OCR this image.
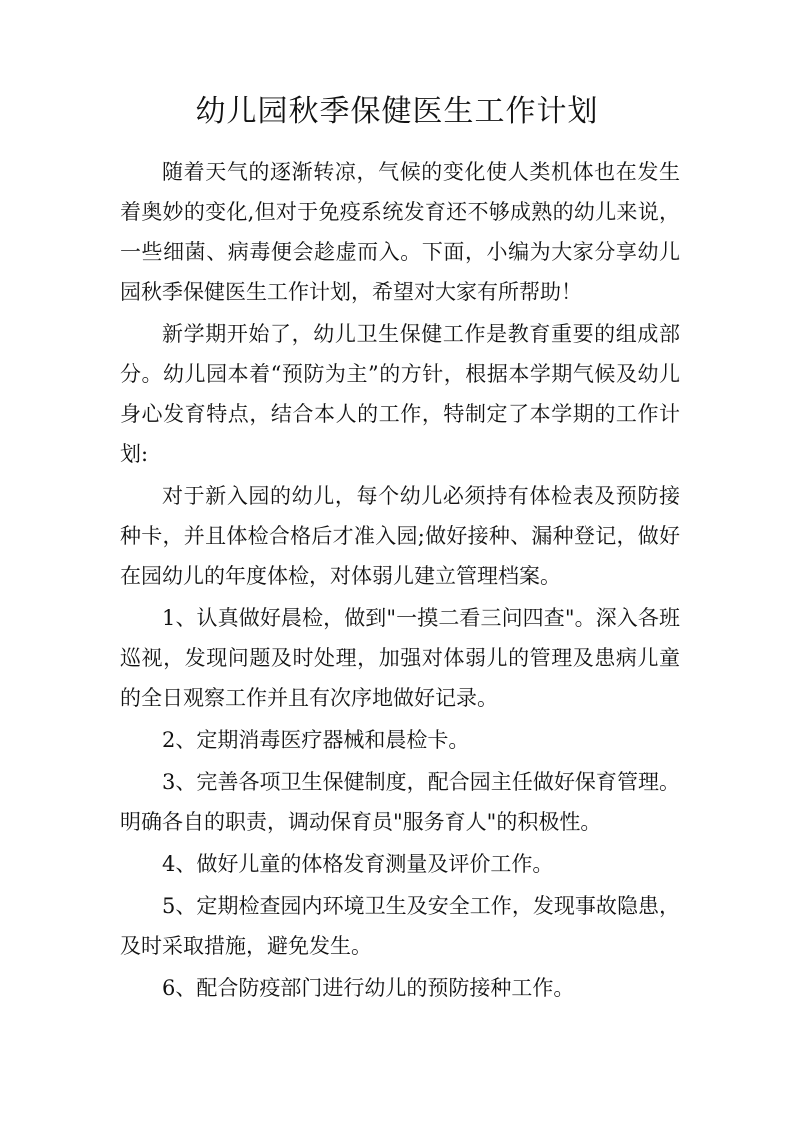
幼儿园秋季保健医生工作计划

随着天气的逐渐转凉，气候的变化使人类机体也在发生着奥妙的变化,但对于免疫系统发育还不够成熟的幼儿来说，一些细菌、病毒便会趁虚而入。下面，小编为大家分享幼儿园秋季保健医生工作计划，希望对大家有所帮助！

新学期开始了，幼儿卫生保健工作是教育重要的组成部分。幼儿园本着“预防为主”的方针，根据本学期气候及幼儿身心发育特点，结合本人的工作，特制定了本学期的工作计划:

对于新入园的幼儿，每个幼儿必须持有体检表及预防接种卡，并且体检合格后才准入园;做好接种、漏种登记，做好在园幼儿的年度体检，对体弱儿建立管理档案。

1、认真做好晨检，做到"一摸二看三问四查"。深入各班巡视，发现问题及时处理，加强对体弱儿的管理及患病儿童的全日观察工作并且有次序地做好记录。

2、定期消毒医疗器械和晨检卡。

3、完善各项卫生保健制度，配合园主任做好保育管理。明确各自的职责，调动保育员"服务育人"的积极性。

4、做好儿童的体格发育测量及评价工作。

5、定期检查园内环境卫生及安全工作，发现事故隐患，及时采取措施，避免发生。

6、配合防疫部门进行幼儿的预防接种工作。
